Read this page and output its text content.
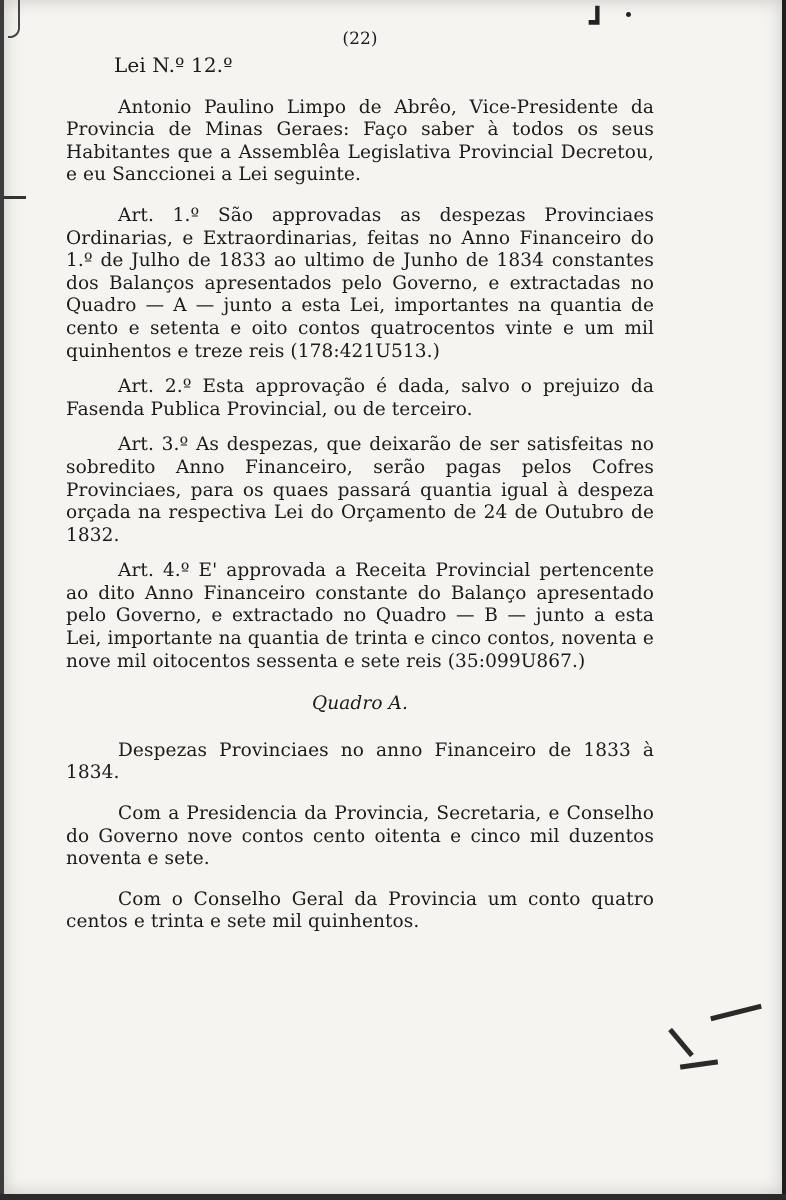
┛
(22)
Lei N.º 12.º

Antonio Paulino Limpo de Abrêo, Vice-Presidente da Provincia de Minas Geraes: Faço saber à todos os seus Habitantes que a Assemblêa Legislativa Provincial Decretou, e eu Sanccionei a Lei seguinte.

Art. 1.º São approvadas as despezas Provinciaes Ordinarias, e Extraordinarias, feitas no Anno Financeiro do 1.º de Julho de 1833 ao ultimo de Junho de 1834 constantes dos Balanços apresentados pelo Governo, e extractadas no Quadro — A — junto a esta Lei, importantes na quantia de cento e setenta e oito contos quatrocentos vinte e um mil quinhentos e treze reis (178:421U513.)

Art. 2.º Esta approvação é dada, salvo o prejuizo da Fasenda Publica Provincial, ou de terceiro.

Art. 3.º As despezas, que deixarão de ser satisfeitas no sobredito Anno Financeiro, serão pagas pelos Cofres Provinciaes, para os quaes passará quantia igual à despeza orçada na respectiva Lei do Orçamento de 24 de Outubro de 1832.

Art. 4.º E' approvada a Receita Provincial pertencente ao dito Anno Financeiro constante do Balanço apresentado pelo Governo, e extractado no Quadro — B — junto a esta Lei, importante na quantia de trinta e cinco contos, noventa e nove mil oitocentos sessenta e sete reis (35:099U867.)

Quadro A.

Despezas Provinciaes no anno Financeiro de 1833 à 1834.

Com a Presidencia da Provincia, Secretaria, e Conselho do Governo nove contos cento oitenta e cinco mil duzentos noventa e sete.

Com o Conselho Geral da Provincia um conto quatro centos e trinta e sete mil quinhentos.
